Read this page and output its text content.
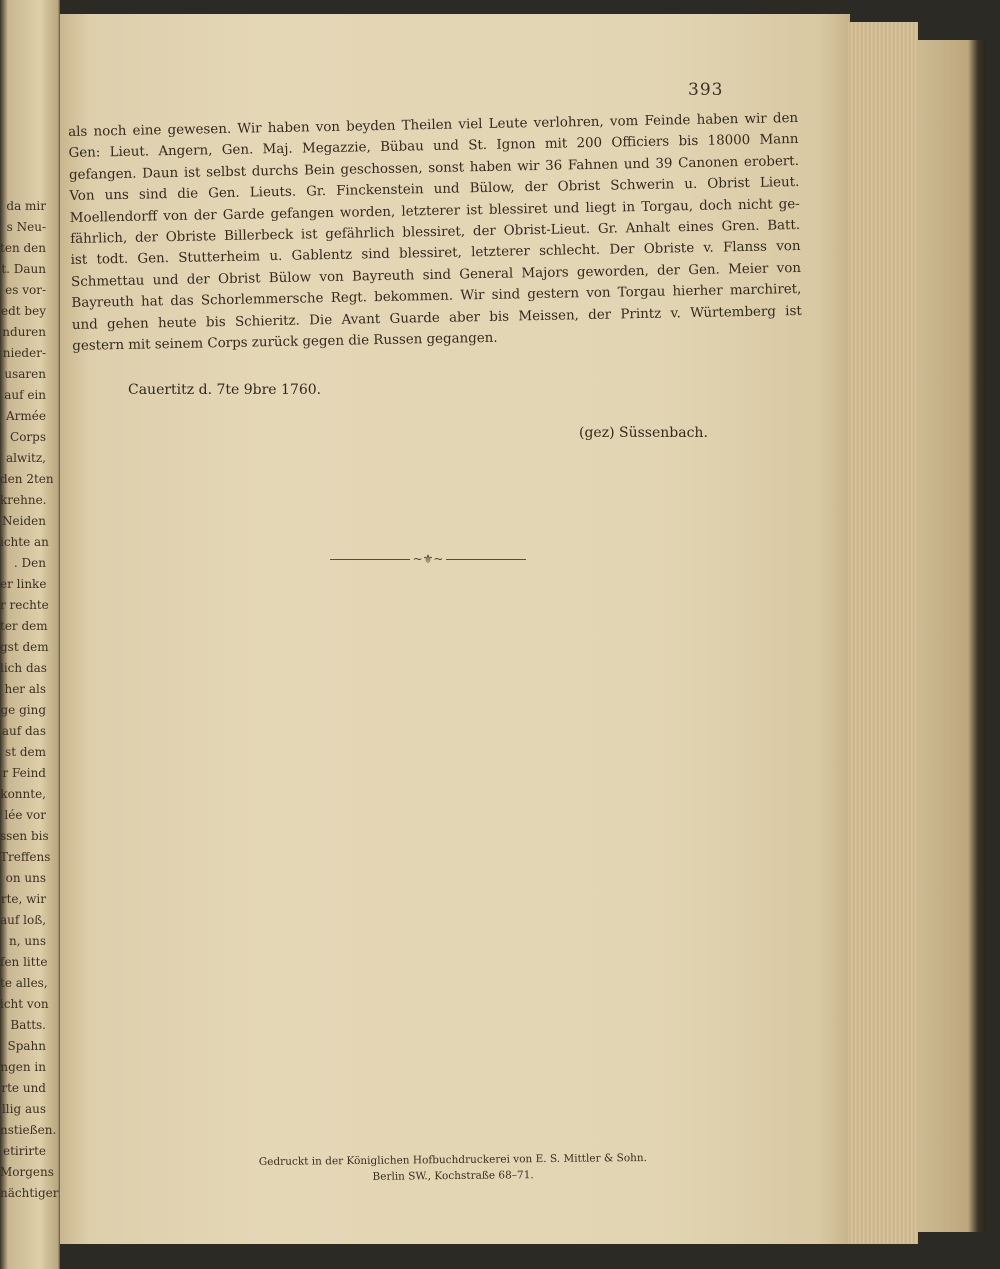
da mir
s Neu-
ten den
t. Daun
es vor-
edt bey
nduren
nieder-
usaren
auf ein
Armée
Corps
alwitz,
den 2ten
krehne.
Neiden
ichte an
. Den
er linke
r rechte
ter dem
gst dem
lich das
her als
ge ging
auf das
st dem
r Feind
konnte,
lée vor
ssen bis
Treffens
on uns
rte, wir
auf loß,
n, uns
fen litte
te alles,
icht von
Batts.
Spahn
ngen in
rte und
llig aus
nstießen.
etirirte
Morgens
nächtiger
393
als noch eine gewesen. Wir haben von beyden Theilen viel Leute verlohren, vom Feinde haben wir den
Gen: Lieut. Angern, Gen. Maj. Megazzie, Bübau und St. Ignon mit 200 Officiers bis 18000 Mann
gefangen. Daun ist selbst durchs Bein geschossen, sonst haben wir 36 Fahnen und 39 Canonen erobert.
Von uns sind die Gen. Lieuts. Gr. Finckenstein und Bülow, der Obrist Schwerin u. Obrist Lieut.
Moellendorff von der Garde gefangen worden, letzterer ist blessiret und liegt in Torgau, doch nicht ge-
fährlich, der Obriste Billerbeck ist gefährlich blessiret, der Obrist-Lieut. Gr. Anhalt eines Gren. Batt.
ist todt. Gen. Stutterheim u. Gablentz sind blessiret, letzterer schlecht. Der Obriste v. Flanss von
Schmettau und der Obrist Bülow von Bayreuth sind General Majors geworden, der Gen. Meier von
Bayreuth hat das Schorlemmersche Regt. bekommen. Wir sind gestern von Torgau hierher marchiret,
und gehen heute bis Schieritz. Die Avant Guarde aber bis Meissen, der Printz v. Würtemberg ist
gestern mit seinem Corps zurück gegen die Russen gegangen.
Cauertitz d. 7te 9bre 1760.
(gez) Süssenbach.
~⚜~
Gedruckt in der Königlichen Hofbuchdruckerei von E. S. Mittler & Sohn.
Berlin SW., Kochstraße 68–71.
